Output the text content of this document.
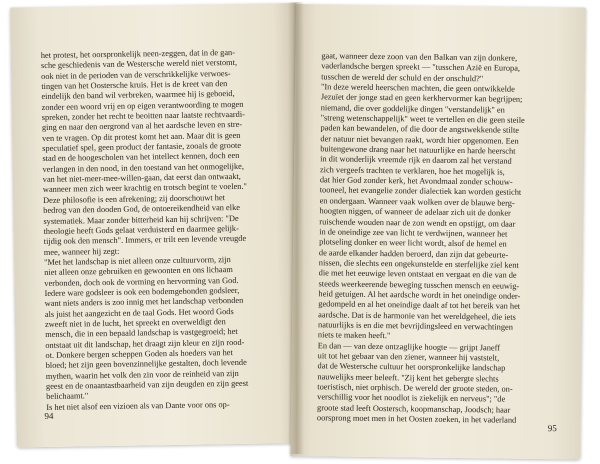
het protest, het oorspronkelijk neen-zeggen, dat in de gan-
sche geschiedenis van de Westersche wereld niet verstomt,
ook niet in de perioden van de verschrikkelijke verwoes-
tingen van het Oostersche kruis. Het is de kreet van den
eindelijk den band wil verbreken, waarmee hij is geboeid,
zonder een woord vrij en op eigen verantwoording te mogen
spreken, zonder het recht te beoitten naar laatste rechtvaardi-
ging en naar den oergrond van al het aardsche leven en stre-
ven te vragen. Op dit protest komt het aan. Maar dit is geen
speculatief spel, geen product der fantasie, zooals de groote
stad en de hoogescholen van het intellect kennen, doch een
verlangen in den nood, in den toestand van het onmogelijke,
van het niet-meer-mee-willen-gaan, dat eerst dan ontwaakt,
wanneer men zich weer krachtig en trotsch begint te voelen."
Deze philosofie is een afrekening; zij doorschouwt het
bedrog van den dooden God, de ontoereikendheid van elke
systematiek. Maar zonder bitterheid kan hij schrijven: "De
theologie heeft Gods gelaat verduisterd en daarmee gelijk-
tijdig ook den mensch". Immers, er trilt een levende vreugde
mee, wanneer hij zegt:
"Met het landschap is niet alleen onze cultuurvorm, zijn
niet alleen onze gebruiken en gewoonten en ons lichaam
verbonden, doch ook de vorming en hervorming van God.
Iedere ware godsleer is ook een bodemgebonden godsleer,
want niets anders is zoo innig met het landschap verbonden
als juist het aangezicht en de taal Gods. Het woord Gods
zweeft niet in de lucht, het spreekt en overweldigt den
mensch, die in een bepaald landschap is vastgegroeid; het
ontstaat uit dit landschap, het draagt zijn kleur en zijn rood-
ot. Donkere bergen scheppen Goden als hoeders van het
bloed; het zijn geen bovenzinnelijke gestalten, doch levende
mythen, waarin het volk den zin voor de reinheid van zijn
geest en de onaantastbaarheid van zijn deugden en zijn geest
belichaamt."
Is het niet alsof een vizioen als van Dante voor ons op-
94
gaat, wanneer deze zoon van den Balkan van zijn donkere,
vaderlandsche bergen spreekt — "tusschen Azië en Europa,
tusschen de wereld der schuld en der onschuld?"
"In deze wereld heerschen machten, die geen ontwikkelde
Jezuïet der jonge stad en geen kerkhervormer kan begrijpen;
niemand, die over goddelijke dingen "verstandelijk" en
"streng wetenschappelijk" weet te vertellen en die geen steile
paden kan bewandelen, of die door de angstwekkende stilte
der natuur niet bevangen raakt, wordt hier opgenomen. Een
buitengewone drang naar het natuurlijke en harde heerscht
in dit wonderlijk vreemde rijk en daarom zal het verstand
zich vergeefs trachten te verklaren, hoe het mogelijk is,
dat hier God zonder kerk, het Avondmaal zonder schouw-
tooneel, het evangelie zonder dialectiek kan worden gesticht
en ondergaan. Wanneer vaak wolken over de blauwe berg-
hoogten niggen, of wanneer de adelaar zich uit de donker
ruischende wouden naar de zon wendt en opstijgt, om daar
in de oneindige zee van licht te verdwijnen, wanneer het
plotseling donker en weer licht wordt, alsof de hemel en
de aarde elkander hadden beroerd, dan zijn dat gebeurte-
nissen, die slechts een ongekunstelde en sterfelijke ziel kent
die met het eeuwige leven ontstaat en vergaat en die van de
steeds weerkeerende beweging tusschen mensch en eeuwig-
heid getuigen. Al het aardsche wordt in het oneindige onder-
gedompeld en al het oneindige daalt af tot het bereik van het
aardsche. Dat is de harmonie van het wereldgeheel, die iets
natuurlijks is en die met bevrijdingsleed en verwachtingen
niets te maken heeft."
En dan — van deze ontzaglijke hoogte — grijpt Janeff
uit tot het gebaar van den ziener, wanneer hij vaststelt,
dat de Westersche cultuur het oorspronkelijke landschap
nauwelijks meer beleeft. "Zij kent het gebergte slechts
toeristisch, niet orphisch. De wereld der groote steden, on-
verschillig voor het noodlot is ziekelijk en nerveus"; "de
groote stad leeft Oostersch, koopmanschap, Joodsch; haar
oorsprong moet men in het Oosten zoeken, in het vaderland
95
